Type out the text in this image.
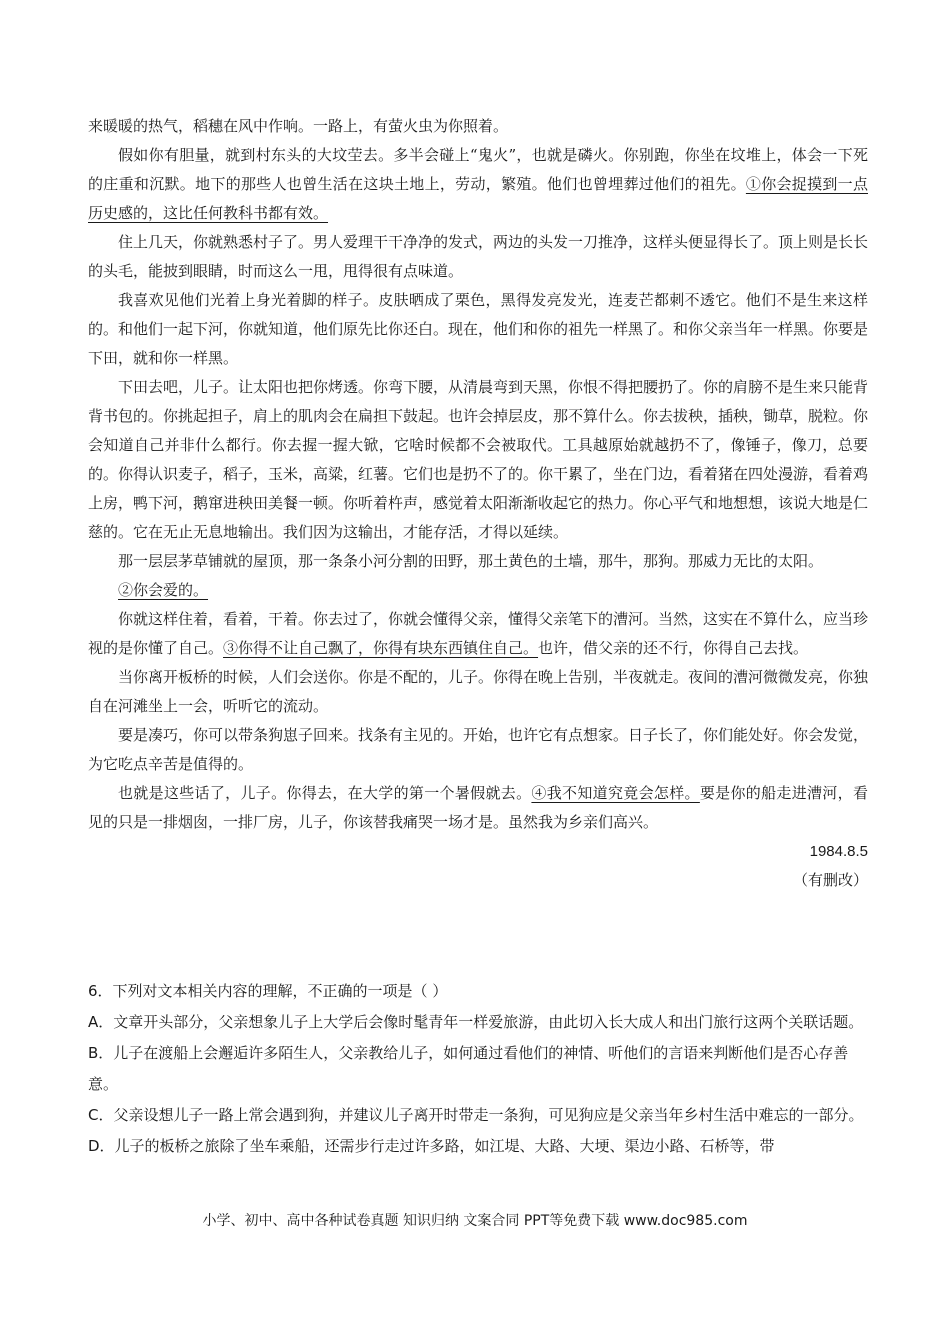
来暖暖的热气，稻穗在风中作响。一路上，有萤火虫为你照着。

假如你有胆量，就到村东头的大坟茔去。多半会碰上“鬼火”，也就是磷火。你别跑，你坐在坟堆上，体会一下死的庄重和沉默。地下的那些人也曾生活在这块土地上，劳动，繁殖。他们也曾埋葬过他们的祖先。①你会捉摸到一点历史感的，这比任何教科书都有效。

住上几天，你就熟悉村子了。男人爱理干干净净的发式，两边的头发一刀推净，这样头便显得长了。顶上则是长长的头毛，能披到眼睛，时而这么一甩，甩得很有点味道。

我喜欢见他们光着上身光着脚的样子。皮肤晒成了栗色，黑得发亮发光，连麦芒都刺不透它。他们不是生来这样的。和他们一起下河，你就知道，他们原先比你还白。现在，他们和你的祖先一样黑了。和你父亲当年一样黑。你要是下田，就和你一样黑。

下田去吧，儿子。让太阳也把你烤透。你弯下腰，从清晨弯到天黑，你恨不得把腰扔了。你的肩膀不是生来只能背背书包的。你挑起担子，肩上的肌肉会在扁担下鼓起。也许会掉层皮，那不算什么。你去拔秧，插秧，锄草，脱粒。你会知道自己并非什么都行。你去握一握大锨，它啥时候都不会被取代。工具越原始就越扔不了，像锤子，像刀，总要的。你得认识麦子，稻子，玉米，高粱，红薯。它们也是扔不了的。你干累了，坐在门边，看着猪在四处漫游，看着鸡上房，鸭下河，鹅窜进秧田美餐一顿。你听着杵声，感觉着太阳渐渐收起它的热力。你心平气和地想想，该说大地是仁慈的。它在无止无息地输出。我们因为这输出，才能存活，才得以延续。

那一层层茅草铺就的屋顶，那一条条小河分割的田野，那土黄色的土墙，那牛，那狗。那威力无比的太阳。

②你会爱的。

你就这样住着，看着，干着。你去过了，你就会懂得父亲，懂得父亲笔下的漕河。当然，这实在不算什么，应当珍视的是你懂了自己。③你得不让自己飘了，你得有块东西镇住自己。也许，借父亲的还不行，你得自己去找。

当你离开板桥的时候，人们会送你。你是不配的，儿子。你得在晚上告别，半夜就走。夜间的漕河微微发亮，你独自在河滩坐上一会，听听它的流动。

要是凑巧，你可以带条狗崽子回来。找条有主见的。开始，也许它有点想家。日子长了，你们能处好。你会发觉，为它吃点辛苦是值得的。

也就是这些话了，儿子。你得去，在大学的第一个暑假就去。④我不知道究竟会怎样。要是你的船走进漕河，看见的只是一排烟囱，一排厂房，儿子，你该替我痛哭一场才是。虽然我为乡亲们高兴。

1984.8.5

（有删改）

6．下列对文本相关内容的理解，不正确的一项是（ ）

A．文章开头部分，父亲想象儿子上大学后会像时髦青年一样爱旅游，由此切入长大成人和出门旅行这两个关联话题。

B．儿子在渡船上会邂逅许多陌生人，父亲教给儿子，如何通过看他们的神情、听他们的言语来判断他们是否心存善意。

C．父亲设想儿子一路上常会遇到狗，并建议儿子离开时带走一条狗，可见狗应是父亲当年乡村生活中难忘的一部分。

D．儿子的板桥之旅除了坐车乘船，还需步行走过许多路，如江堤、大路、大埂、渠边小路、石桥等，带

小学、初中、高中各种试卷真题 知识归纳 文案合同 PPT等免费下载 www.doc985.com
